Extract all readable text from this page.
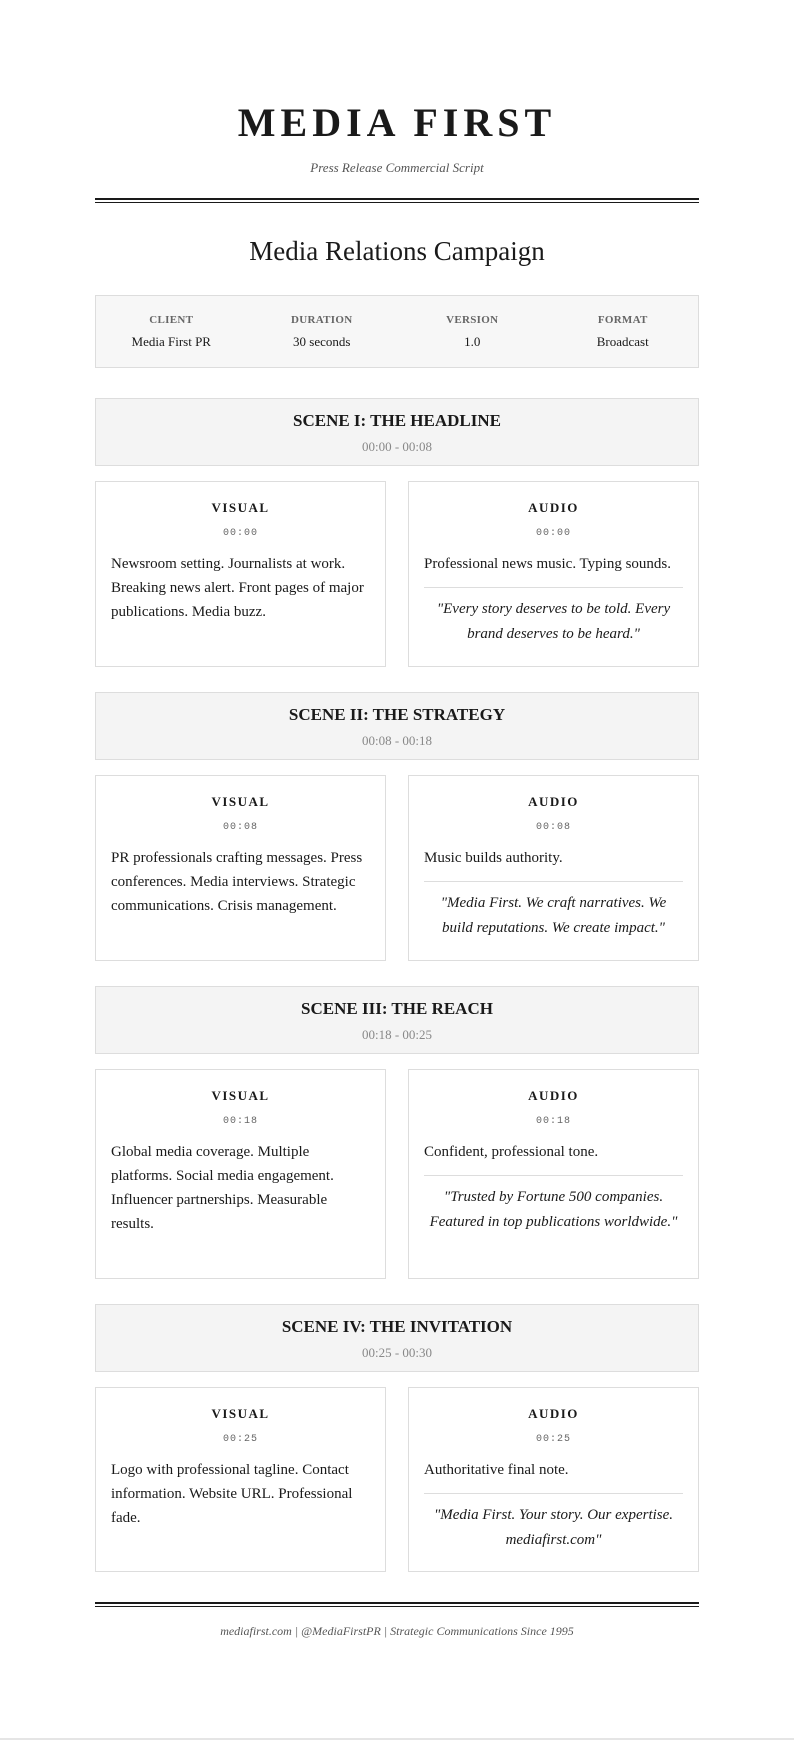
MEDIA FIRST
Press Release Commercial Script
Media Relations Campaign
CLIENT
Media First PR
DURATION
30 seconds
VERSION
1.0
FORMAT
Broadcast
SCENE I: THE HEADLINE
00:00 - 00:08
VISUAL
00:00
Newsroom setting. Journalists at work. Breaking news alert. Front pages of major publications. Media buzz.
AUDIO
00:00
Professional news music. Typing sounds.
"Every story deserves to be told. Every brand deserves to be heard."
SCENE II: THE STRATEGY
00:08 - 00:18
VISUAL
00:08
PR professionals crafting messages. Press conferences. Media interviews. Strategic communications. Crisis management.
AUDIO
00:08
Music builds authority.
"Media First. We craft narratives. We build reputations. We create impact."
SCENE III: THE REACH
00:18 - 00:25
VISUAL
00:18
Global media coverage. Multiple platforms. Social media engagement. Influencer partnerships. Measurable results.
AUDIO
00:18
Confident, professional tone.
"Trusted by Fortune 500 companies. Featured in top publications worldwide."
SCENE IV: THE INVITATION
00:25 - 00:30
VISUAL
00:25
Logo with professional tagline. Contact information. Website URL. Professional fade.
AUDIO
00:25
Authoritative final note.
"Media First. Your story. Our expertise. mediafirst.com"
mediafirst.com | @MediaFirstPR | Strategic Communications Since 1995
